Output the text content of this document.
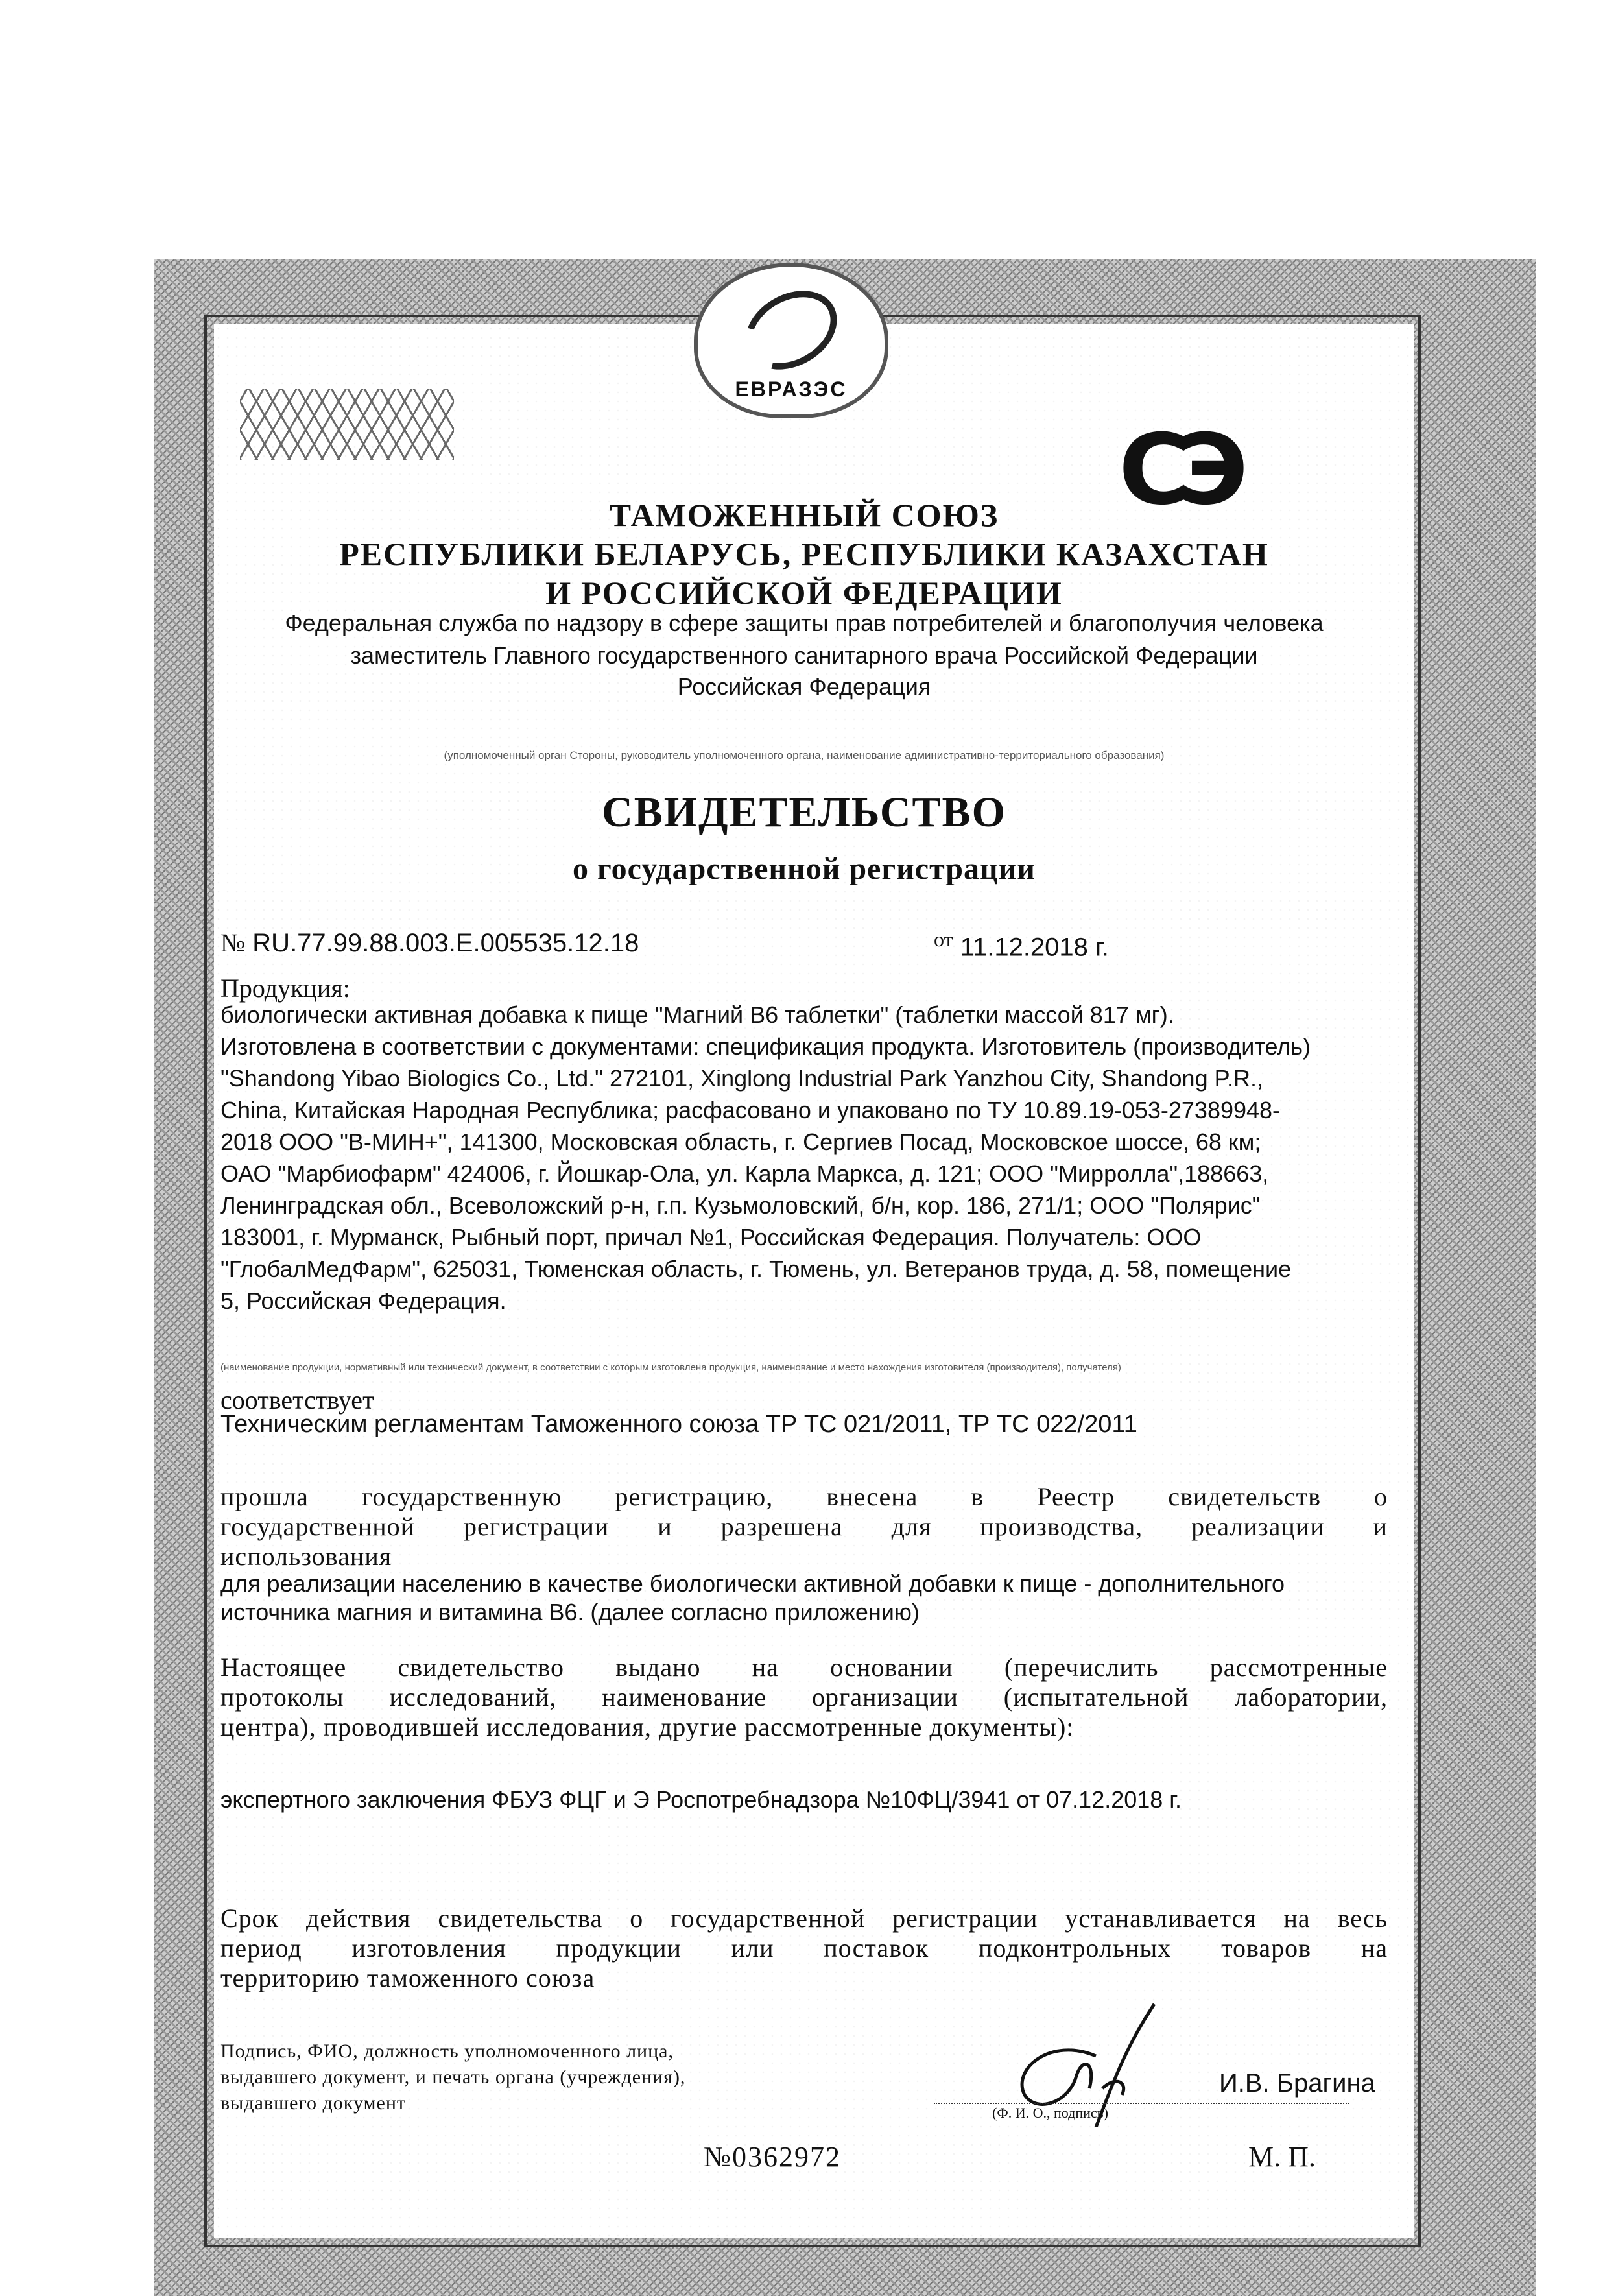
ЕВРАЗЭС
СЭ
ТАМОЖЕННЫЙ СОЮЗ
РЕСПУБЛИКИ БЕЛАРУСЬ, РЕСПУБЛИКИ КАЗАХСТАН
И РОССИЙСКОЙ ФЕДЕРАЦИИ
Федеральная служба по надзору в сфере защиты прав потребителей и благополучия человека
заместитель Главного государственного санитарного врача Российской Федерации
Российская Федерация
(уполномоченный орган Стороны, руководитель уполномоченного органа, наименование административно-территориального образования)
СВИДЕТЕЛЬСТВО
о государственной регистрации
№ RU.77.99.88.003.E.005535.12.18	$^{от}$ 11.12.2018 г.
Продукция:
биологически активная добавка к пище "Магний В6 таблетки" (таблетки массой 817 мг).
Изготовлена в соответствии с документами: спецификация продукта. Изготовитель (производитель)
"Shandong Yibao Biologics Co., Ltd." 272101, Xinglong Industrial Park Yanzhou City, Shandong P.R.,
China, Китайская Народная Республика; расфасовано и упаковано по ТУ 10.89.19-053-27389948-
2018 ООО "В-МИН+", 141300, Московская область, г. Сергиев Посад, Московское шоссе, 68 км;
ОАО "Марбиофарм" 424006, г. Йошкар-Ола, ул. Карла Маркса, д. 121; ООО "Мирролла",188663,
Ленинградская обл., Всеволожский р-н, г.п. Кузьмоловский, б/н, кор. 186, 271/1; ООО "Полярис"
183001, г. Мурманск, Рыбный порт, причал №1, Российская Федерация. Получатель: ООО
"ГлобалМедФарм", 625031, Тюменская область, г. Тюмень, ул. Ветеранов труда, д. 58, помещение
5, Российская Федерация.
(наименование продукции, нормативный или технический документ, в соответствии с которым изготовлена продукция, наименование и место нахождения изготовителя (производителя), получателя)
соответствует
Техническим регламентам Таможенного союза ТР ТС 021/2011, ТР ТС 022/2011
прошла государственную регистрацию, внесена в Реестр свидетельств о
государственной регистрации и разрешена для производства, реализации и
использования
для реализации населению в качестве биологически активной добавки к пище - дополнительного
источника магния и витамина В6. (далее согласно приложению)
Настоящее свидетельство выдано на основании (перечислить рассмотренные
протоколы исследований, наименование организации (испытательной лаборатории,
центра), проводившей исследования, другие рассмотренные документы):
экспертного заключения ФБУЗ ФЦГ и Э Роспотребнадзора №10ФЦ/3941 от 07.12.2018 г.
Срок действия свидетельства о государственной регистрации устанавливается на весь
период изготовления продукции или поставок подконтрольных товаров на
территорию таможенного союза
Подпись, ФИО, должность уполномоченного лица,
выдавшего документ, и печать органа (учреждения),
выдавшего документ
И.В. Брагина
(Ф. И. О., подпись)
№0362972	М. П.
